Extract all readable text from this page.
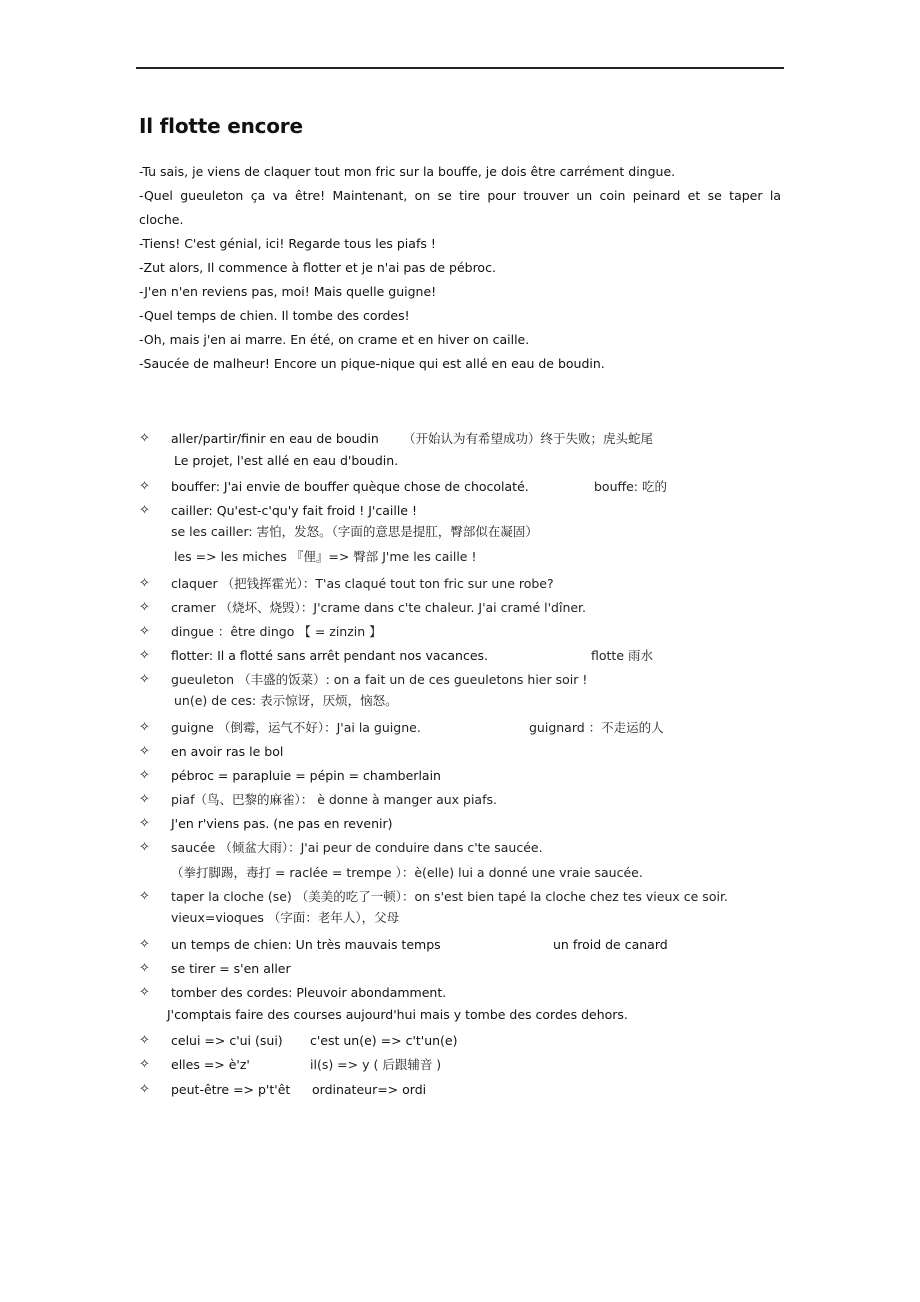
Il flotte encore
-Tu sais, je viens de claquer tout mon fric sur la bouffe, je dois être carrément dingue.
-Quel gueuleton ça va être! Maintenant, on se tire pour trouver un coin peinard et se taper la
cloche.
-Tiens! C'est génial, ici! Regarde tous les piafs !
-Zut alors, Il commence à flotter et je n'ai pas de pébroc.
-J'en n'en reviens pas, moi! Mais quelle guigne!
-Quel temps de chien. Il tombe des cordes!
-Oh, mais j'en ai marre. En été, on crame et en hiver on caille.
-Saucée de malheur! Encore un pique-nique qui est allé en eau de boudin.
✧ aller/partir/finir en eau de boudin （开始认为有希望成功）终于失败；虎头蛇尾
Le projet, l'est allé en eau d'boudin.
✧ bouffer: J'ai envie de bouffer quèque chose de chocolaté.	bouffe: 吃的
✧ cailler: Qu'est-c'qu'y fait froid ! J'caille !
se les cailler: 害怕，发怒。（字面的意思是提肛，臀部似在凝固）
les => les miches 『俚』=> 臀部 J'me les caille !
✧ claquer （把钱挥霍光）：T'as claqué tout ton fric sur une robe?
✧ cramer （烧坏、烧毁）：J'crame dans c'te chaleur. J'ai cramé l'dîner.
✧ dingue ：être dingo 【 = zinzin 】
✧ flotter: Il a flotté sans arrêt pendant nos vacances.	flotte 雨水
✧ gueuleton （丰盛的饭菜）: on a fait un de ces gueuletons hier soir !
un(e) de ces: 表示惊讶，厌烦，恼怒。
✧ guigne （倒霉，运气不好）：J'ai la guigne.	guignard ：不走运的人
✧ en avoir ras le bol
✧ pébroc = parapluie = pépin = chamberlain
✧ piaf（鸟、巴黎的麻雀）： è donne à manger aux piafs.
✧ J'en r'viens pas. (ne pas en revenir)
✧ saucée （倾盆大雨）：J'ai peur de conduire dans c'te saucée.
（拳打脚踢，毒打 = raclée = trempe ）：è(elle) lui a donné une vraie saucée.
✧ taper la cloche (se) （美美的吃了一顿）：on s'est bien tapé la cloche chez tes vieux ce soir.
vieux=vioques （字面：老年人），父母
✧ un temps de chien: Un très mauvais temps	un froid de canard
✧ se tirer = s'en aller
✧ tomber des cordes: Pleuvoir abondamment.
J'comptais faire des courses aujourd'hui mais y tombe des cordes dehors.
✧ celui => c'ui (sui) c'est un(e) => c't'un(e)
✧ elles => è'z'	il(s) => y ( 后跟辅音 )
✧ peut-être => p't'êt ordinateur=> ordi
